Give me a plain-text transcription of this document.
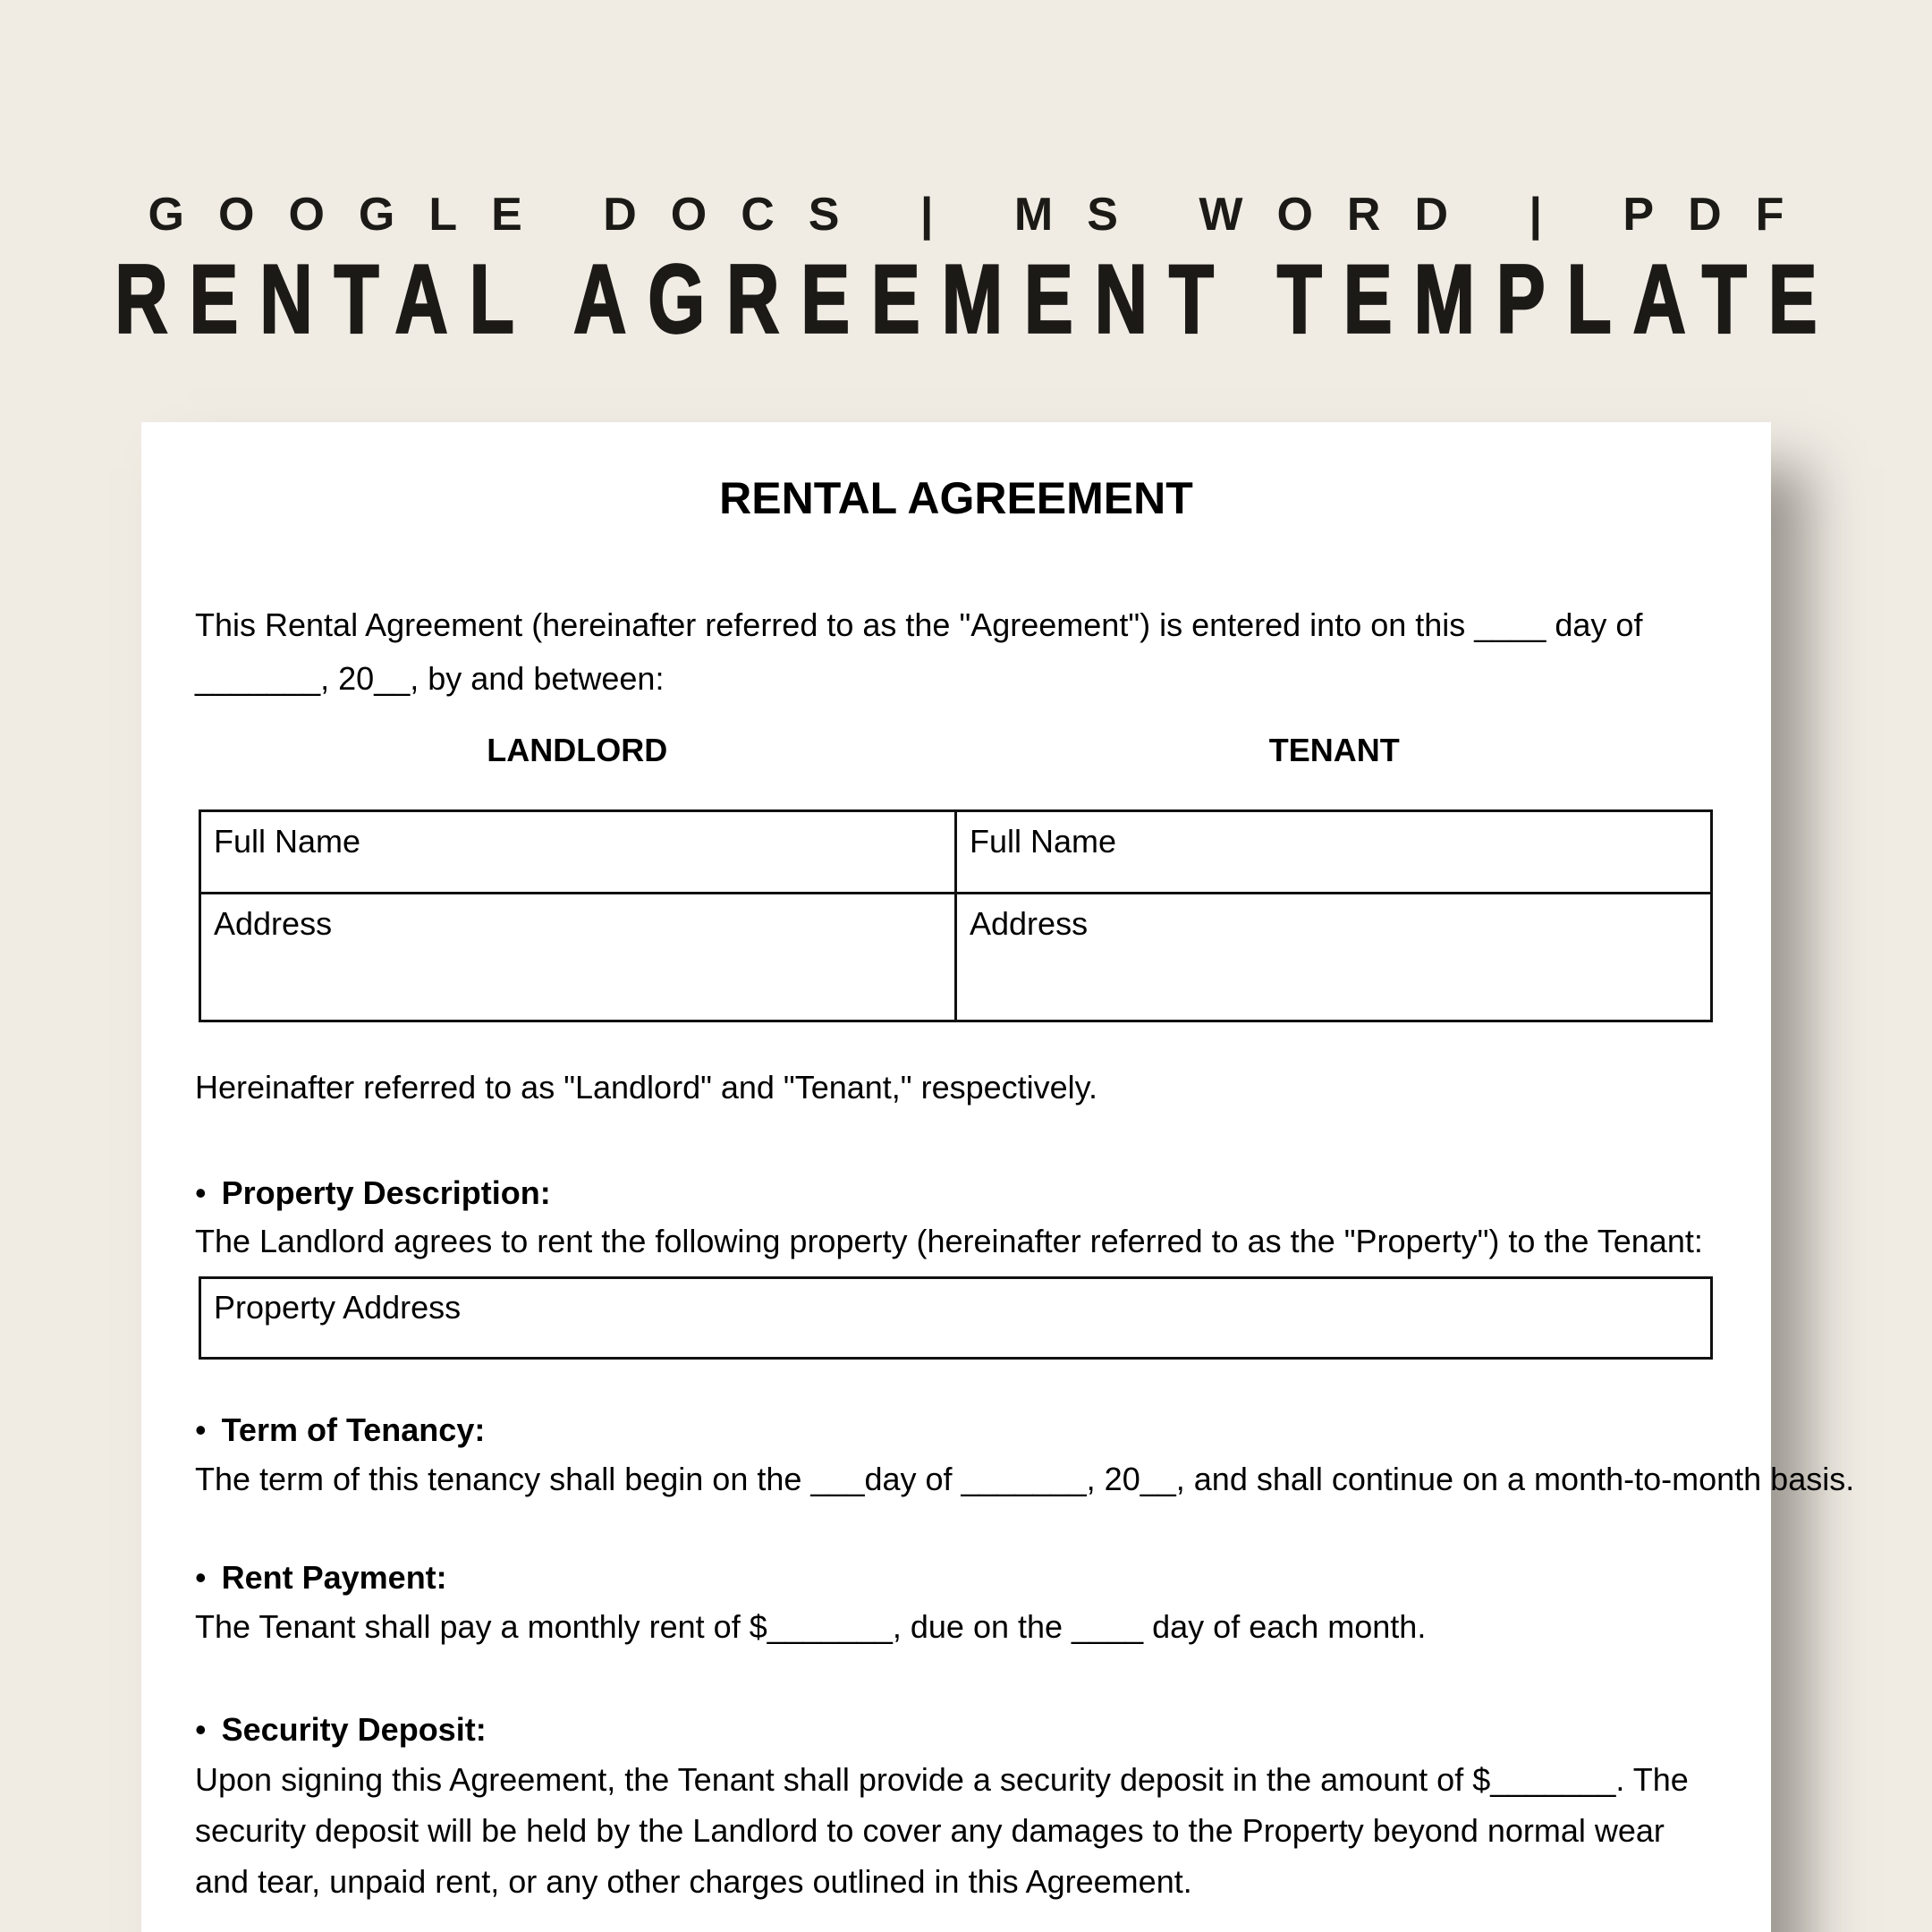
GOOGLE DOCS | MS WORD | PDF
RENTAL AGREEMENT TEMPLATE
RENTAL AGREEMENT

This Rental Agreement (hereinafter referred to as the "Agreement") is entered into on this ____ day of _______, 20__, by and between:

LANDLORD	TENANT
Full Name	Full Name
Address	Address

Hereinafter referred to as "Landlord" and "Tenant," respectively.

• Property Description:

The Landlord agrees to rent the following property (hereinafter referred to as the "Property") to the Tenant:

Property Address

• Term of Tenancy:

The term of this tenancy shall begin on the ___day of _______, 20__, and shall continue on a month-to-month basis.

• Rent Payment:

The Tenant shall pay a monthly rent of $_______, due on the ____ day of each month.

• Security Deposit:

Upon signing this Agreement, the Tenant shall provide a security deposit in the amount of $_______. The security deposit will be held by the Landlord to cover any damages to the Property beyond normal wear and tear, unpaid rent, or any other charges outlined in this Agreement.
